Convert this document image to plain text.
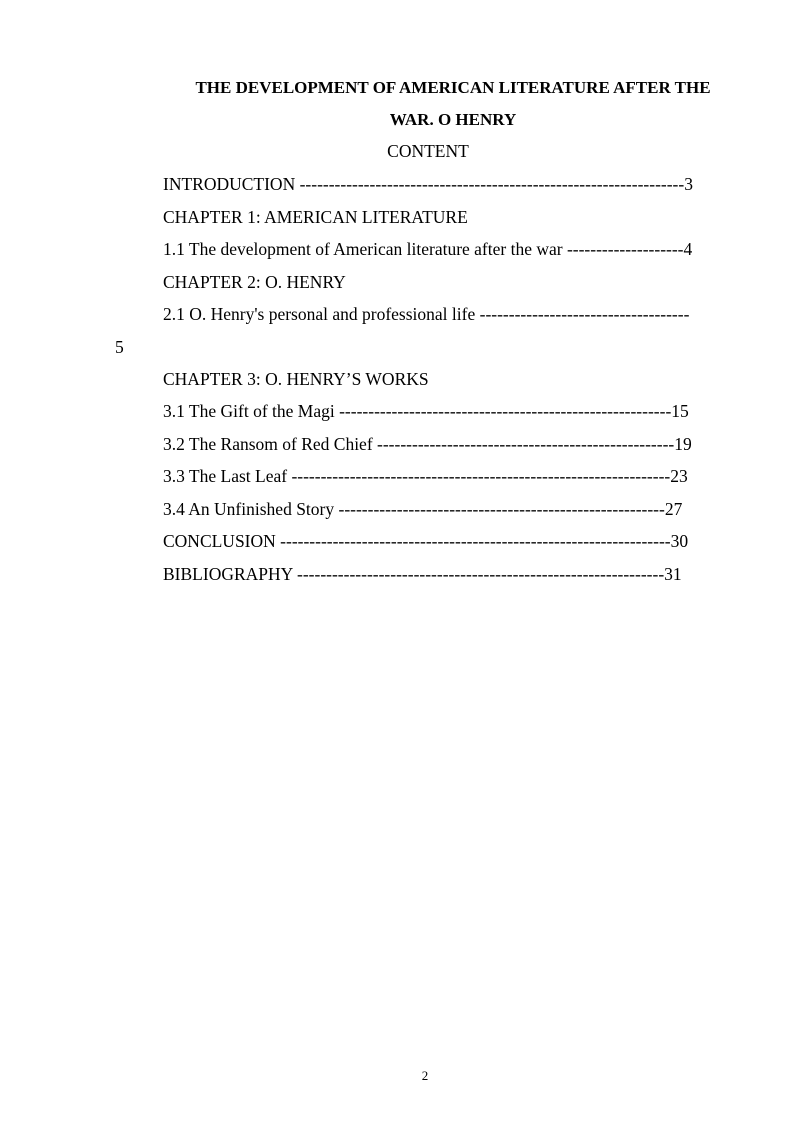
THE DEVELOPMENT OF AMERICAN LITERATURE AFTER THE
WAR. O HENRY
CONTENT
INTRODUCTION ------------------------------------------------------------------3
CHAPTER 1: AMERICAN LITERATURE
1.1 The development of American literature after the war --------------------4
CHAPTER 2: O. HENRY
2.1 O. Henry's personal and professional life ------------------------------------
5
CHAPTER 3: O. HENRY’S WORKS
3.1 The Gift of the Magi ---------------------------------------------------------15
3.2 The Ransom of Red Chief ---------------------------------------------------19
3.3 The Last Leaf -----------------------------------------------------------------23
3.4 An Unfinished Story --------------------------------------------------------27
CONCLUSION -------------------------------------------------------------------30
BIBLIOGRAPHY ---------------------------------------------------------------31
2
